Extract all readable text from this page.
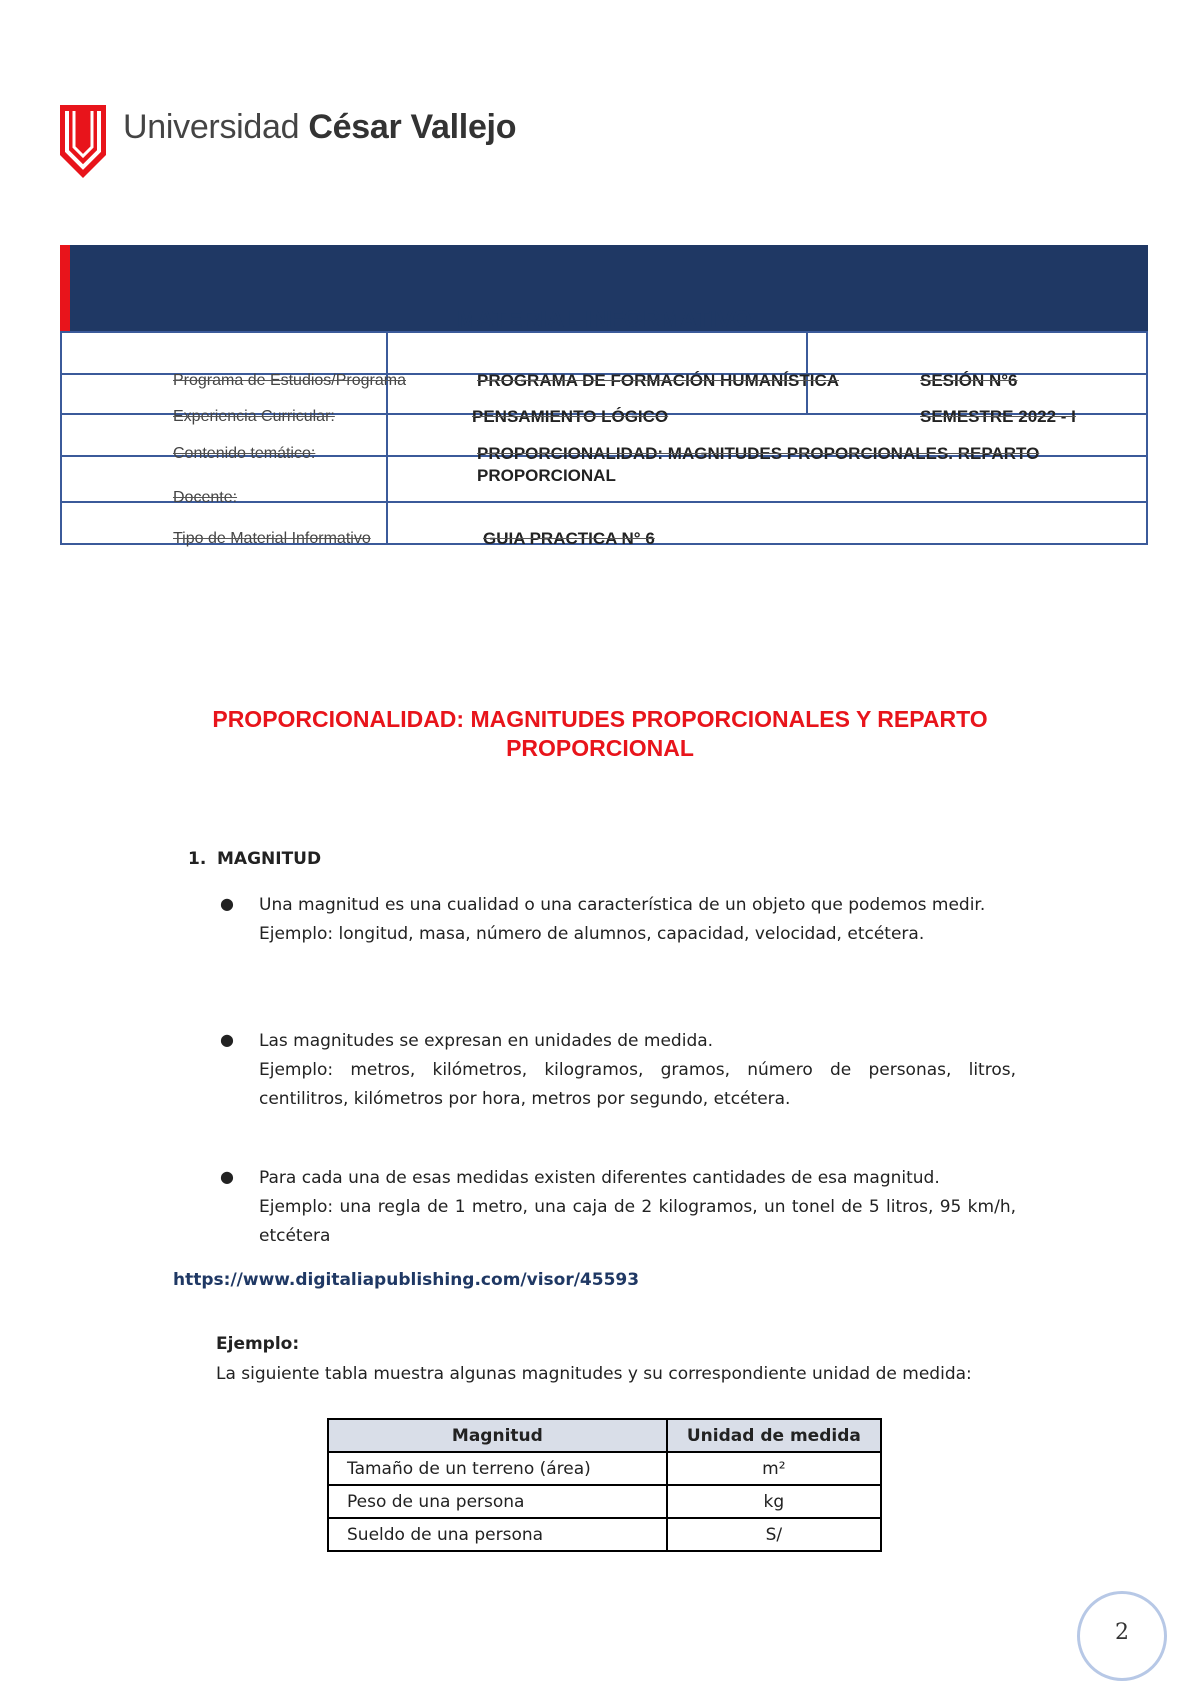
Universidad César Vallejo
MATERIAL INFORMATIVO
Programa de Estudios/Programa	PROGRAMA DE FORMACIÓN HUMANÍSTICA	SESIÓN N°6
Experiencia Curricular:	PENSAMIENTO LÓGICO	SEMESTRE 2022 - I
Contenido temático:	PROPORCIONALIDAD: MAGNITUDES PROPORCIONALES. REPARTO
PROPORCIONAL
Docente:
Tipo de Material Informativo	GUIA PRACTICA N° 6
PROPORCIONALIDAD: MAGNITUDES PROPORCIONALES Y REPARTO
PROPORCIONAL
1. MAGNITUD
● Una magnitud es una cualidad o una característica de un objeto que podemos medir.
Ejemplo: longitud, masa, número de alumnos, capacidad, velocidad, etcétera.
● Las magnitudes se expresan en unidades de medida.
Ejemplo: metros, kilómetros, kilogramos, gramos, número de personas, litros, centilitros, kilómetros por hora, metros por segundo, etcétera.
● Para cada una de esas medidas existen diferentes cantidades de esa magnitud.
Ejemplo: una regla de 1 metro, una caja de 2 kilogramos, un tonel de 5 litros, 95 km/h, etcétera
https://www.digitaliapublishing.com/visor/45593
Ejemplo:
La siguiente tabla muestra algunas magnitudes y su correspondiente unidad de medida:
Magnitud	Unidad de medida
Tamaño de un terreno (área)	m²
Peso de una persona	kg
Sueldo de una persona	S/
2
